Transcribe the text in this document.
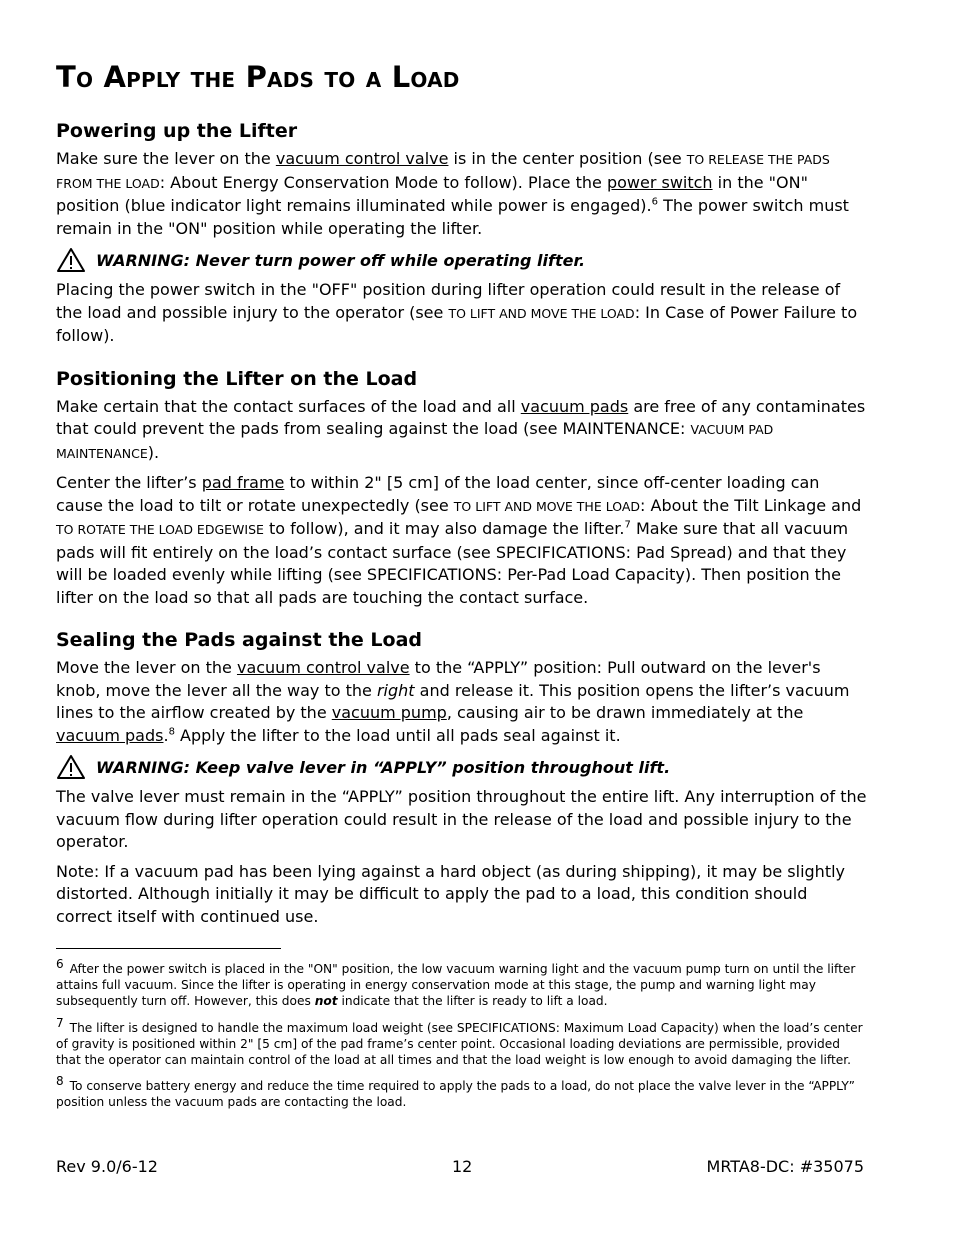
To Apply the Pads to a Load
Powering up the Lifter

Make sure the lever on the vacuum control valve is in the center position (see TO RELEASE THE PADS FROM THE LOAD: About Energy Conservation Mode to follow). Place the power switch in the "ON" position (blue indicator light remains illuminated while power is engaged).$^6$ The power switch must remain in the "ON" position while operating the lifter.

WARNING: Never turn power off while operating lifter.

Placing the power switch in the "OFF" position during lifter operation could result in the release of the load and possible injury to the operator (see TO LIFT AND MOVE THE LOAD: In Case of Power Failure to follow).

Positioning the Lifter on the Load

Make certain that the contact surfaces of the load and all vacuum pads are free of any contaminates that could prevent the pads from sealing against the load (see MAINTENANCE: VACUUM PAD MAINTENANCE).

Center the lifter’s pad frame to within 2" [5 cm] of the load center, since off-center loading can cause the load to tilt or rotate unexpectedly (see TO LIFT AND MOVE THE LOAD: About the Tilt Linkage and TO ROTATE THE LOAD EDGEWISE to follow), and it may also damage the lifter.$^7$ Make sure that all vacuum pads will fit entirely on the load’s contact surface (see SPECIFICATIONS: Pad Spread) and that they will be loaded evenly while lifting (see SPECIFICATIONS: Per-Pad Load Capacity). Then position the lifter on the load so that all pads are touching the contact surface.

Sealing the Pads against the Load

Move the lever on the vacuum control valve to the “APPLY” position: Pull outward on the lever's knob, move the lever all the way to the right and release it. This position opens the lifter’s vacuum lines to the airflow created by the vacuum pump, causing air to be drawn immediately at the vacuum pads.$^8$ Apply the lifter to the load until all pads seal against it.

WARNING: Keep valve lever in “APPLY” position throughout lift.

The valve lever must remain in the “APPLY” position throughout the entire lift. Any interruption of the vacuum flow during lifter operation could result in the release of the load and possible injury to the operator.

Note: If a vacuum pad has been lying against a hard object (as during shipping), it may be slightly distorted. Although initially it may be difficult to apply the pad to a load, this condition should correct itself with continued use.

6 After the power switch is placed in the "ON" position, the low vacuum warning light and the vacuum pump turn on until the lifter attains full vacuum. Since the lifter is operating in energy conservation mode at this stage, the pump and warning light may subsequently turn off. However, this does not indicate that the lifter is ready to lift a load.

7 The lifter is designed to handle the maximum load weight (see SPECIFICATIONS: Maximum Load Capacity) when the load’s center of gravity is positioned within 2" [5 cm] of the pad frame’s center point. Occasional loading deviations are permissible, provided that the operator can maintain control of the load at all times and that the load weight is low enough to avoid damaging the lifter.

8 To conserve battery energy and reduce the time required to apply the pads to a load, do not place the valve lever in the “APPLY” position unless the vacuum pads are contacting the load.

Rev 9.0/6-12	12	MRTA8-DC: #35075
